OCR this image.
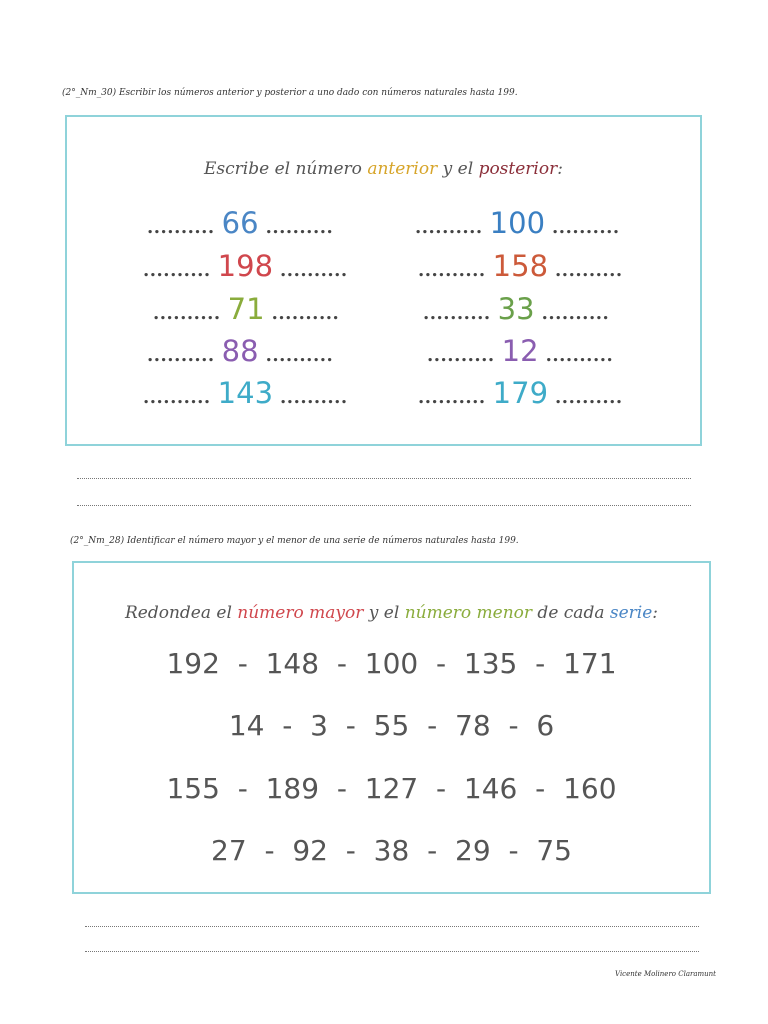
(2°_Nm_30) Escribir los números anterior y posterior a uno dado con números naturales hasta 199.
Escribe el número anterior y el posterior:
.......... 66 ..........
.......... 198 ..........
.......... 71 ..........
.......... 88 ..........
.......... 143 ..........
.......... 100 ..........
.......... 158 ..........
.......... 33 ..........
.......... 12 ..........
.......... 179 ..........
(2°_Nm_28) Identificar el número mayor y el menor de una serie de números naturales hasta 199.
Redondea el número mayor y el número menor de cada serie:
192  -  148  -  100  -  135  -  171
14  -  3  -  55  -  78  -  6
155  -  189  -  127  -  146  -  160
27  -  92  -  38  -  29  -  75
Vicente Molinero Claramunt
